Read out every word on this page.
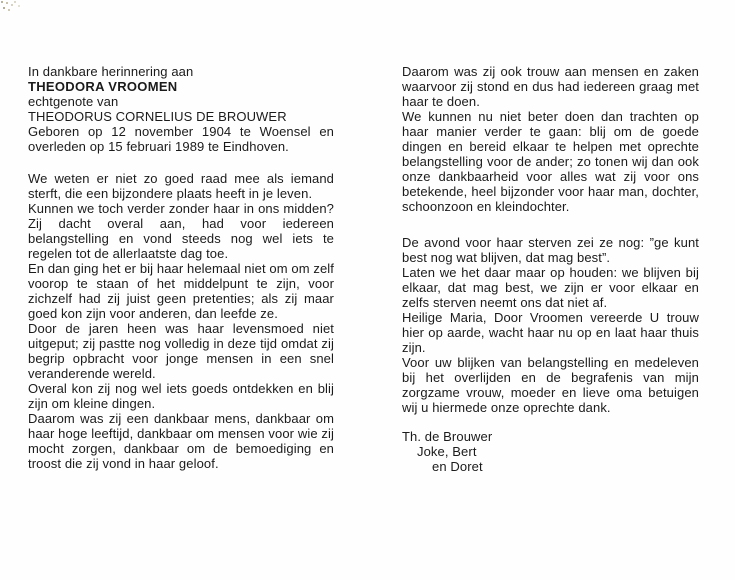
In dankbare herinnering aan

THEODORA VROOMEN

echtgenote van

THEODORUS CORNELIUS DE BROUWER

Geboren op 12 november 1904 te Woensel en overleden op 15 februari 1989 te Eindhoven.

We weten er niet zo goed raad mee als iemand sterft, die een bijzondere plaats heeft in je leven.

Kunnen we toch verder zonder haar in ons midden? Zij dacht overal aan, had voor iedereen belangstelling en vond steeds nog wel iets te regelen tot de allerlaatste dag toe.

En dan ging het er bij haar helemaal niet om om zelf voorop te staan of het middelpunt te zijn, voor zichzelf had zij juist geen pretenties; als zij maar goed kon zijn voor anderen, dan leefde ze.

Door de jaren heen was haar levensmoed niet uitgeput; zij pastte nog volledig in deze tijd omdat zij begrip opbracht voor jonge mensen in een snel veranderende wereld.

Overal kon zij nog wel iets goeds ontdekken en blij zijn om kleine dingen.

Daarom was zij een dankbaar mens, dankbaar om haar hoge leeftijd, dankbaar om mensen voor wie zij mocht zorgen, dankbaar om de bemoediging en troost die zij vond in haar geloof.

Daarom was zij ook trouw aan mensen en zaken waarvoor zij stond en dus had iedereen graag met haar te doen.

We kunnen nu niet beter doen dan trachten op haar manier verder te gaan: blij om de goede dingen en bereid elkaar te helpen met oprechte belangstelling voor de ander; zo tonen wij dan ook onze dankbaarheid voor alles wat zij voor ons betekende, heel bijzonder voor haar man, dochter, schoonzoon en kleindochter.

De avond voor haar sterven zei ze nog: ”ge kunt best nog wat blijven, dat mag best”.

Laten we het daar maar op houden: we blijven bij elkaar, dat mag best, we zijn er voor elkaar en zelfs sterven neemt ons dat niet af.

Heilige Maria, Door Vroomen vereerde U trouw hier op aarde, wacht haar nu op en laat haar thuis zijn.

Voor uw blijken van belangstelling en medeleven bij het overlijden en de begrafenis van mijn zorgzame vrouw, moeder en lieve oma betuigen wij u hiermede onze oprechte dank.

Th. de Brouwer

Joke, Bert

en Doret
